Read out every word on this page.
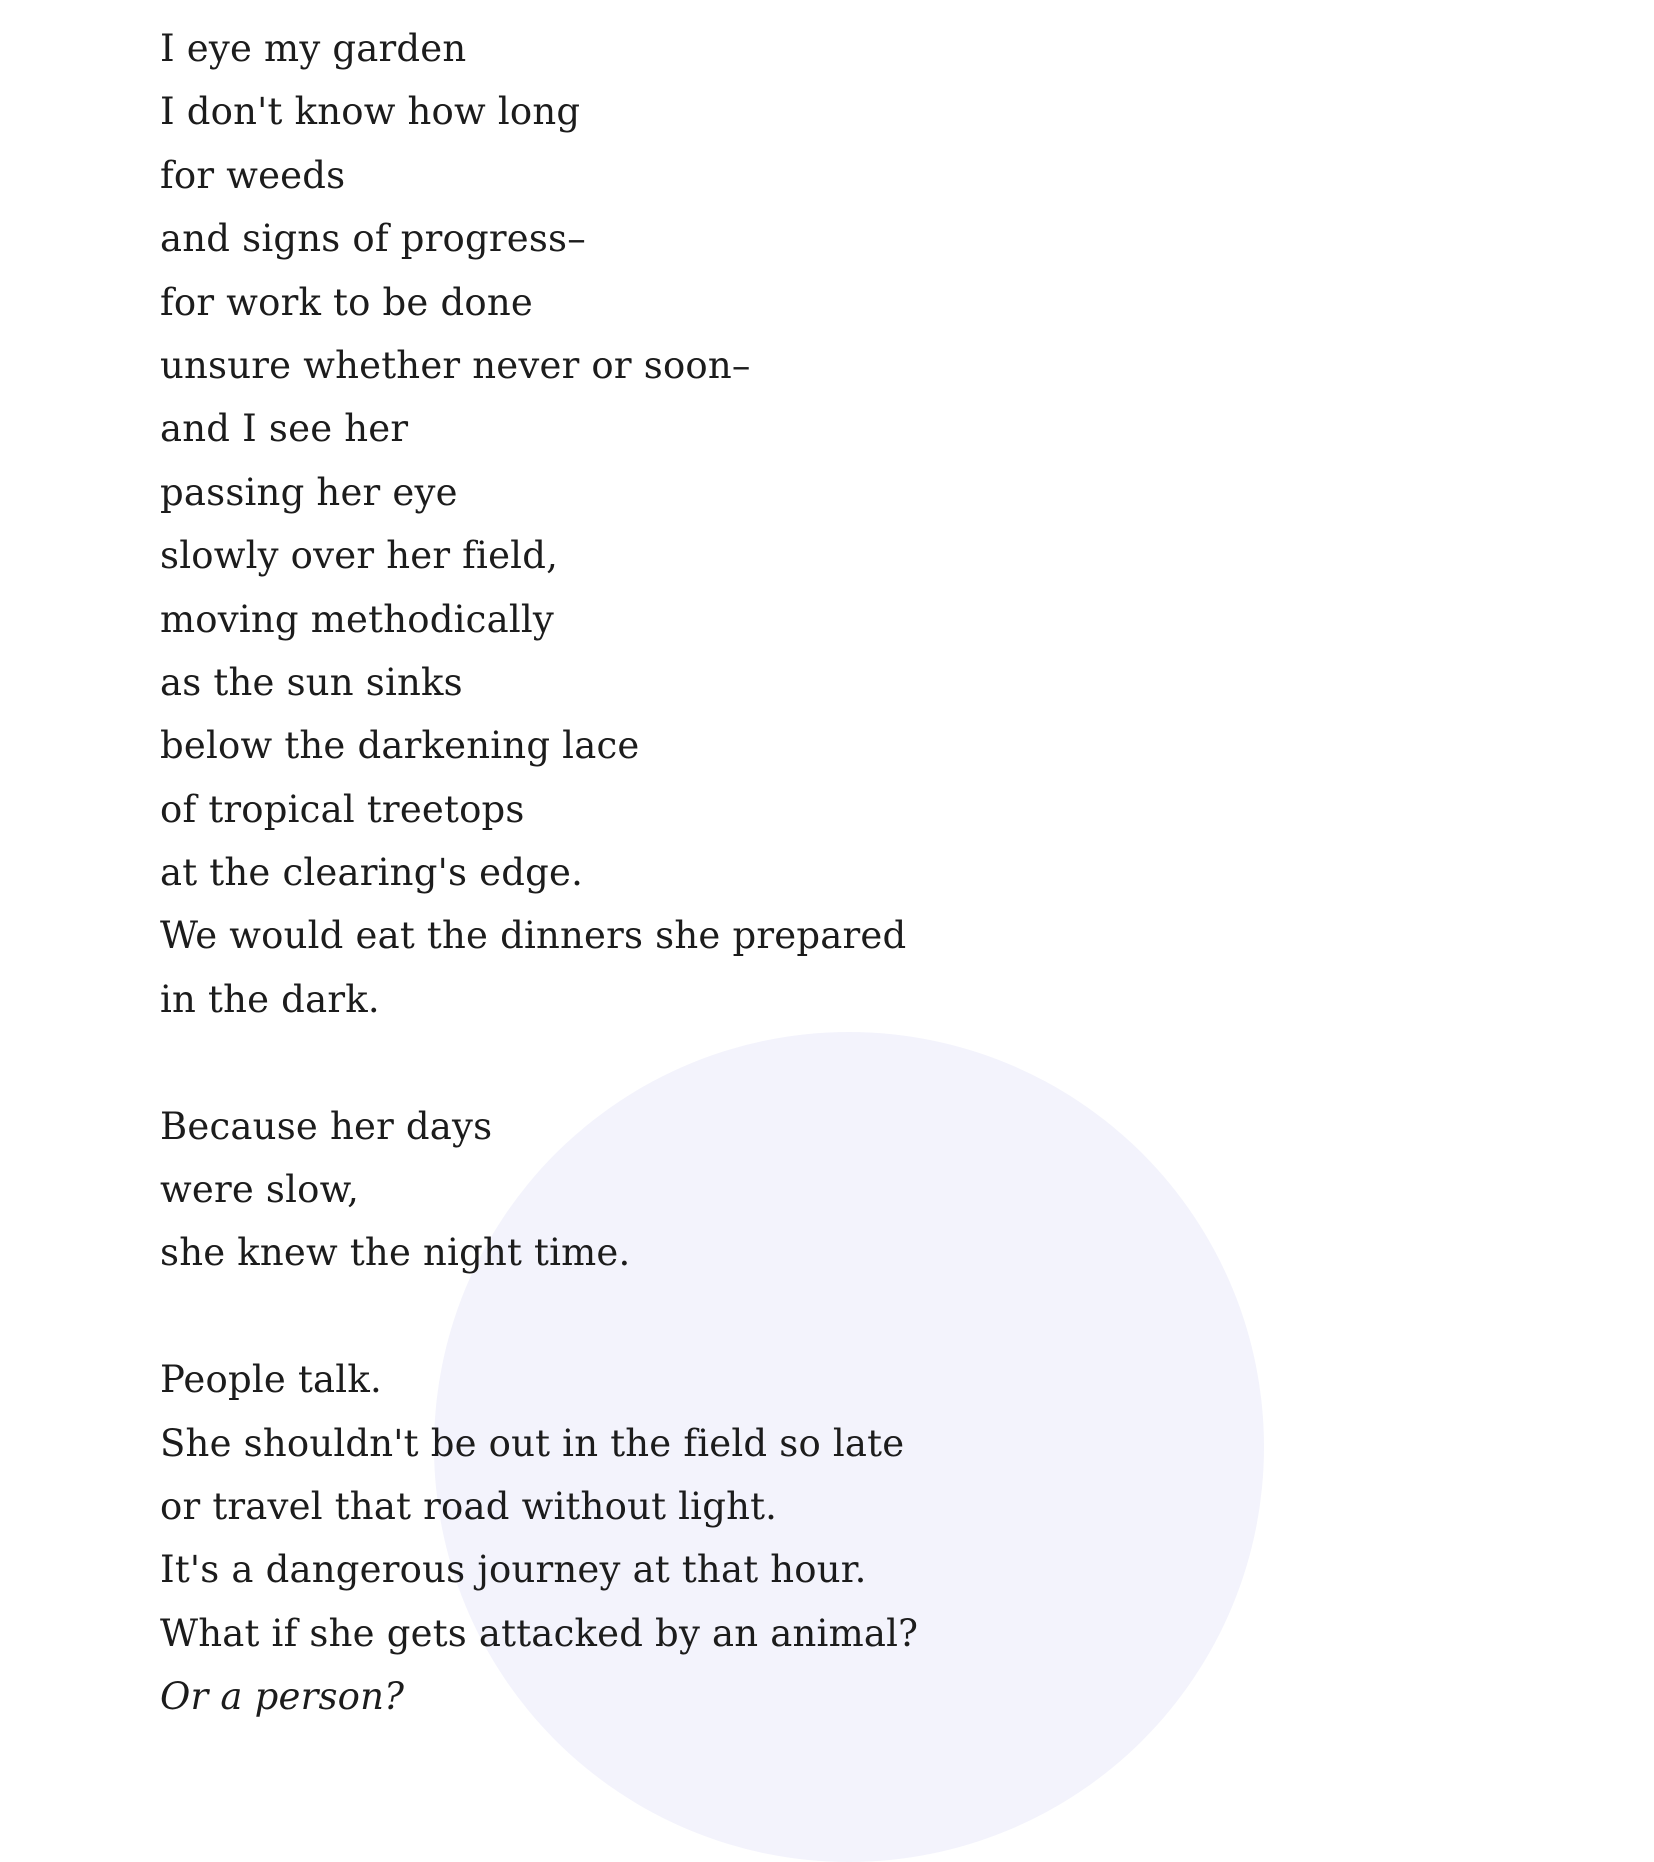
I eye my garden
I don't know how long
for weeds
and signs of progress–
for work to be done
unsure whether never or soon–
and I see her
passing her eye
slowly over her field,
moving methodically
as the sun sinks
below the darkening lace
of tropical treetops
at the clearing's edge.
We would eat the dinners she prepared
in the dark.
Because her days
were slow,
she knew the night time.
People talk.
She shouldn't be out in the field so late
or travel that road without light.
It's a dangerous journey at that hour.
What if she gets attacked by an animal?
Or a person?
